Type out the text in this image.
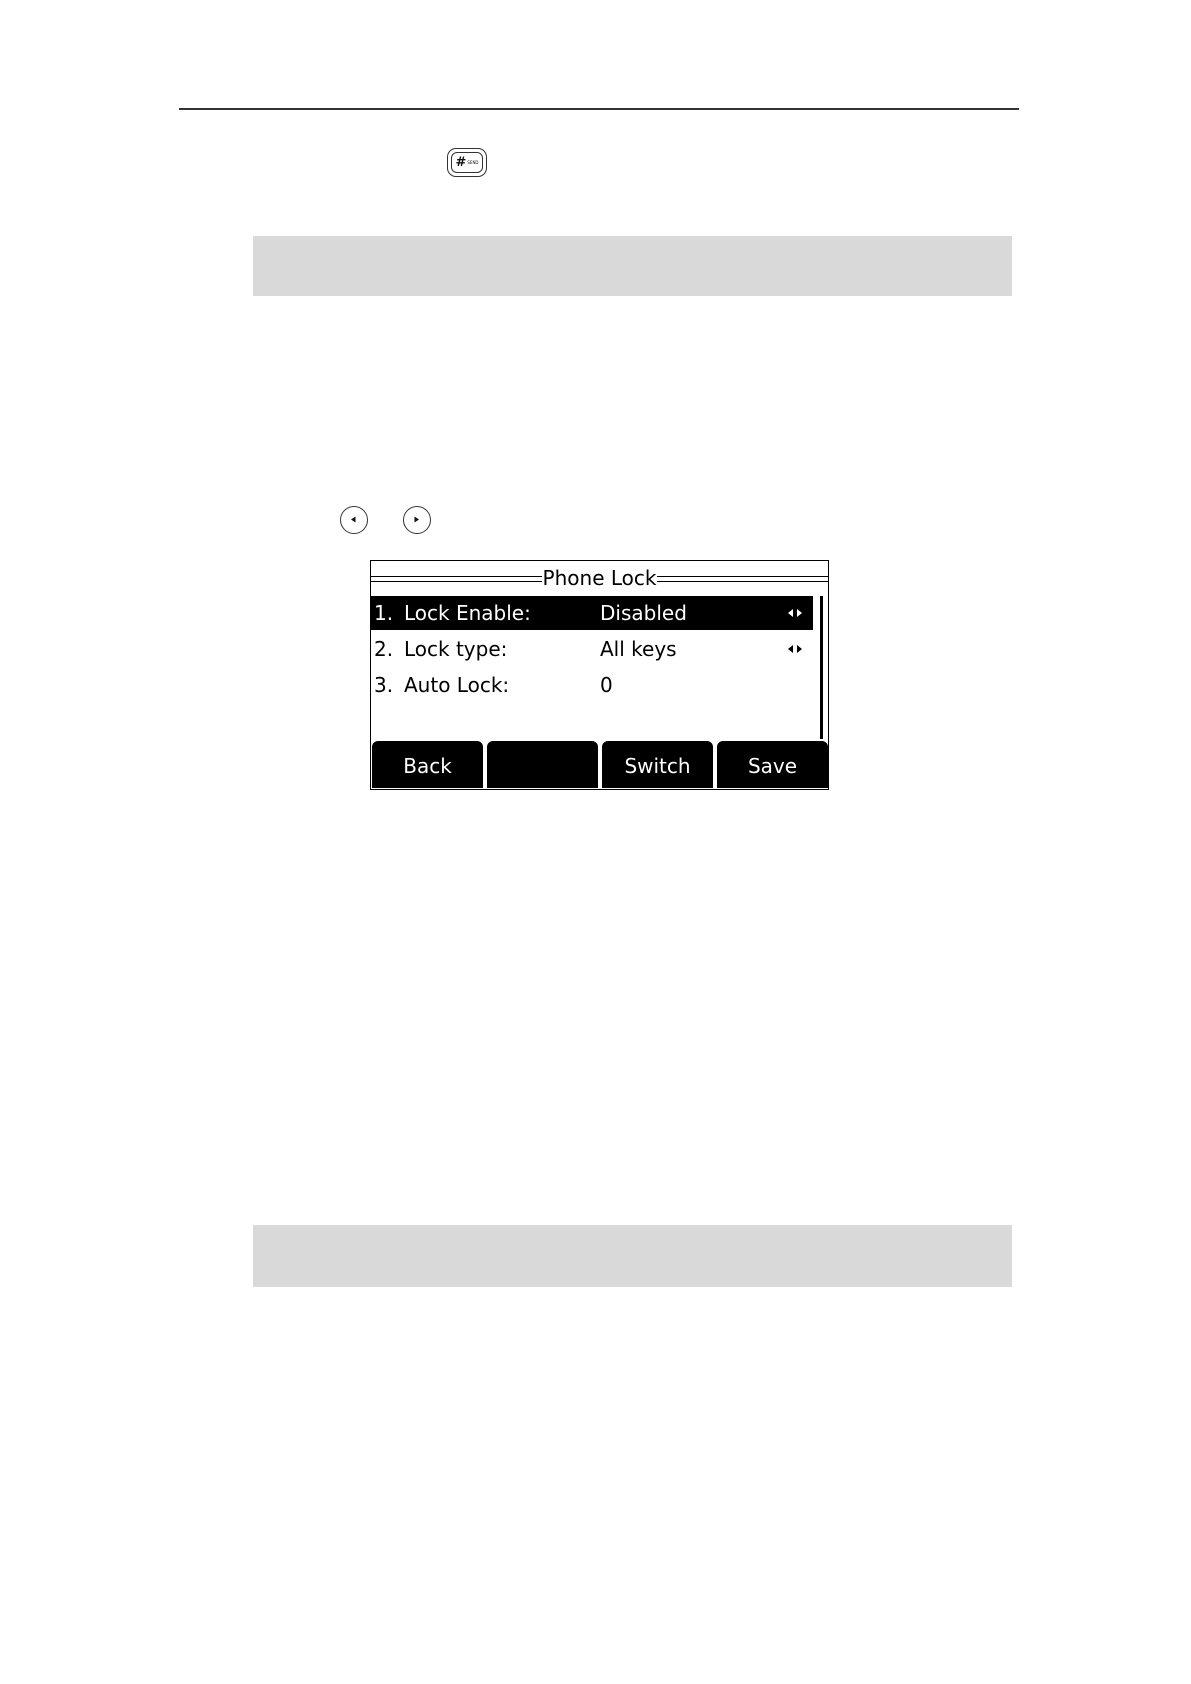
# SEND
Phone Lock
1. Lock Enable:	Disabled
2. Lock type:	All keys
3. Auto Lock:	0
Back	Switch	Save
